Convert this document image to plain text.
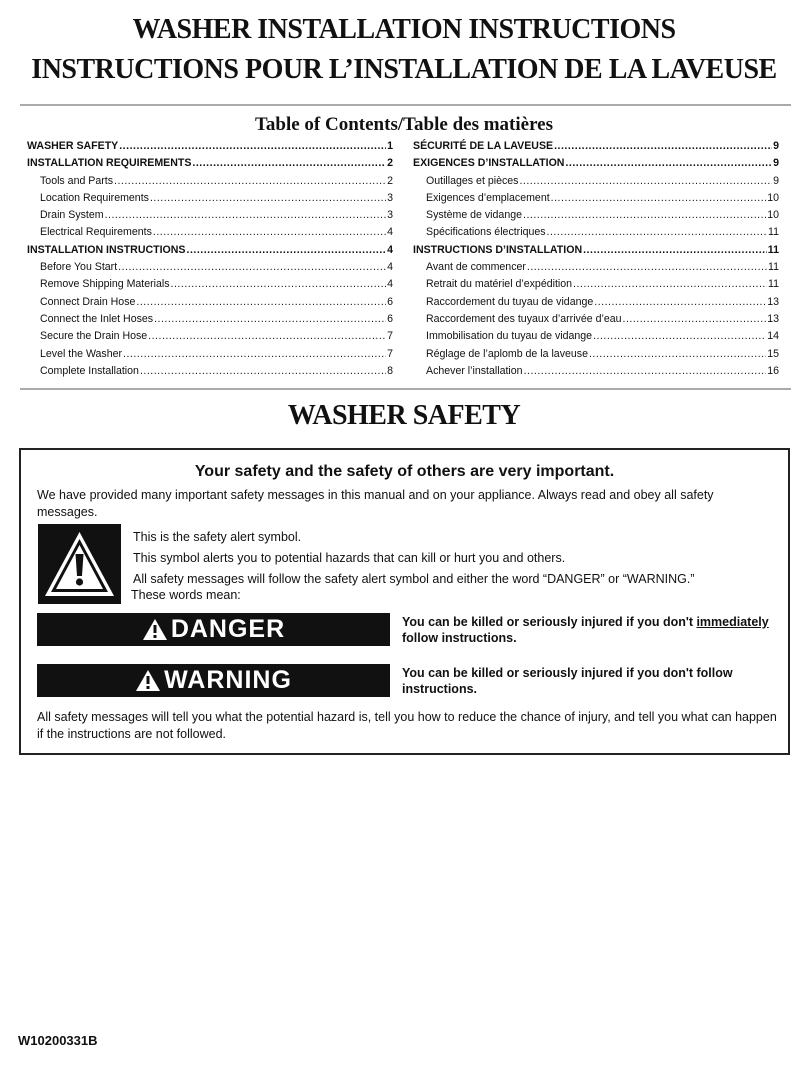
WASHER INSTALLATION INSTRUCTIONS
INSTRUCTIONS POUR L’INSTALLATION DE LA LAVEUSE
Table of Contents/Table des matières
WASHER SAFETY .....	1
INSTALLATION REQUIREMENTS .....	2
Tools and Parts .....	2
Location Requirements .....	3
Drain System .....	3
Electrical Requirements .....	4
INSTALLATION INSTRUCTIONS .....	4
Before You Start .....	4
Remove Shipping Materials .....	4
Connect Drain Hose .....	6
Connect the Inlet Hoses .....	6
Secure the Drain Hose .....	7
Level the Washer .....	7
Complete Installation .....	8
SÉCURITÉ DE LA LAVEUSE .....	9
EXIGENCES D’INSTALLATION .....	9
Outillages et pièces .....	9
Exigences d’emplacement .....	10
Système de vidange .....	10
Spécifications électriques .....	11
INSTRUCTIONS D’INSTALLATION .....	11
Avant de commencer .....	11
Retrait du matériel d’expédition .....	11
Raccordement du tuyau de vidange .....	13
Raccordement des tuyaux d’arrivée d’eau .....	13
Immobilisation du tuyau de vidange .....	14
Réglage de l’aplomb de la laveuse .....	15
Achever l’installation .....	16
WASHER SAFETY
Your safety and the safety of others are very important.
We have provided many important safety messages in this manual and on your appliance. Always read and obey all safety messages.
This is the safety alert symbol.
This symbol alerts you to potential hazards that can kill or hurt you and others.
All safety messages will follow the safety alert symbol and either the word “DANGER” or “WARNING.”
These words mean:
DANGER	You can be killed or seriously injured if you don't immediately follow instructions.
WARNING	You can be killed or seriously injured if you don't follow instructions.
All safety messages will tell you what the potential hazard is, tell you how to reduce the chance of injury, and tell you what can happen if the instructions are not followed.
W10200331B
